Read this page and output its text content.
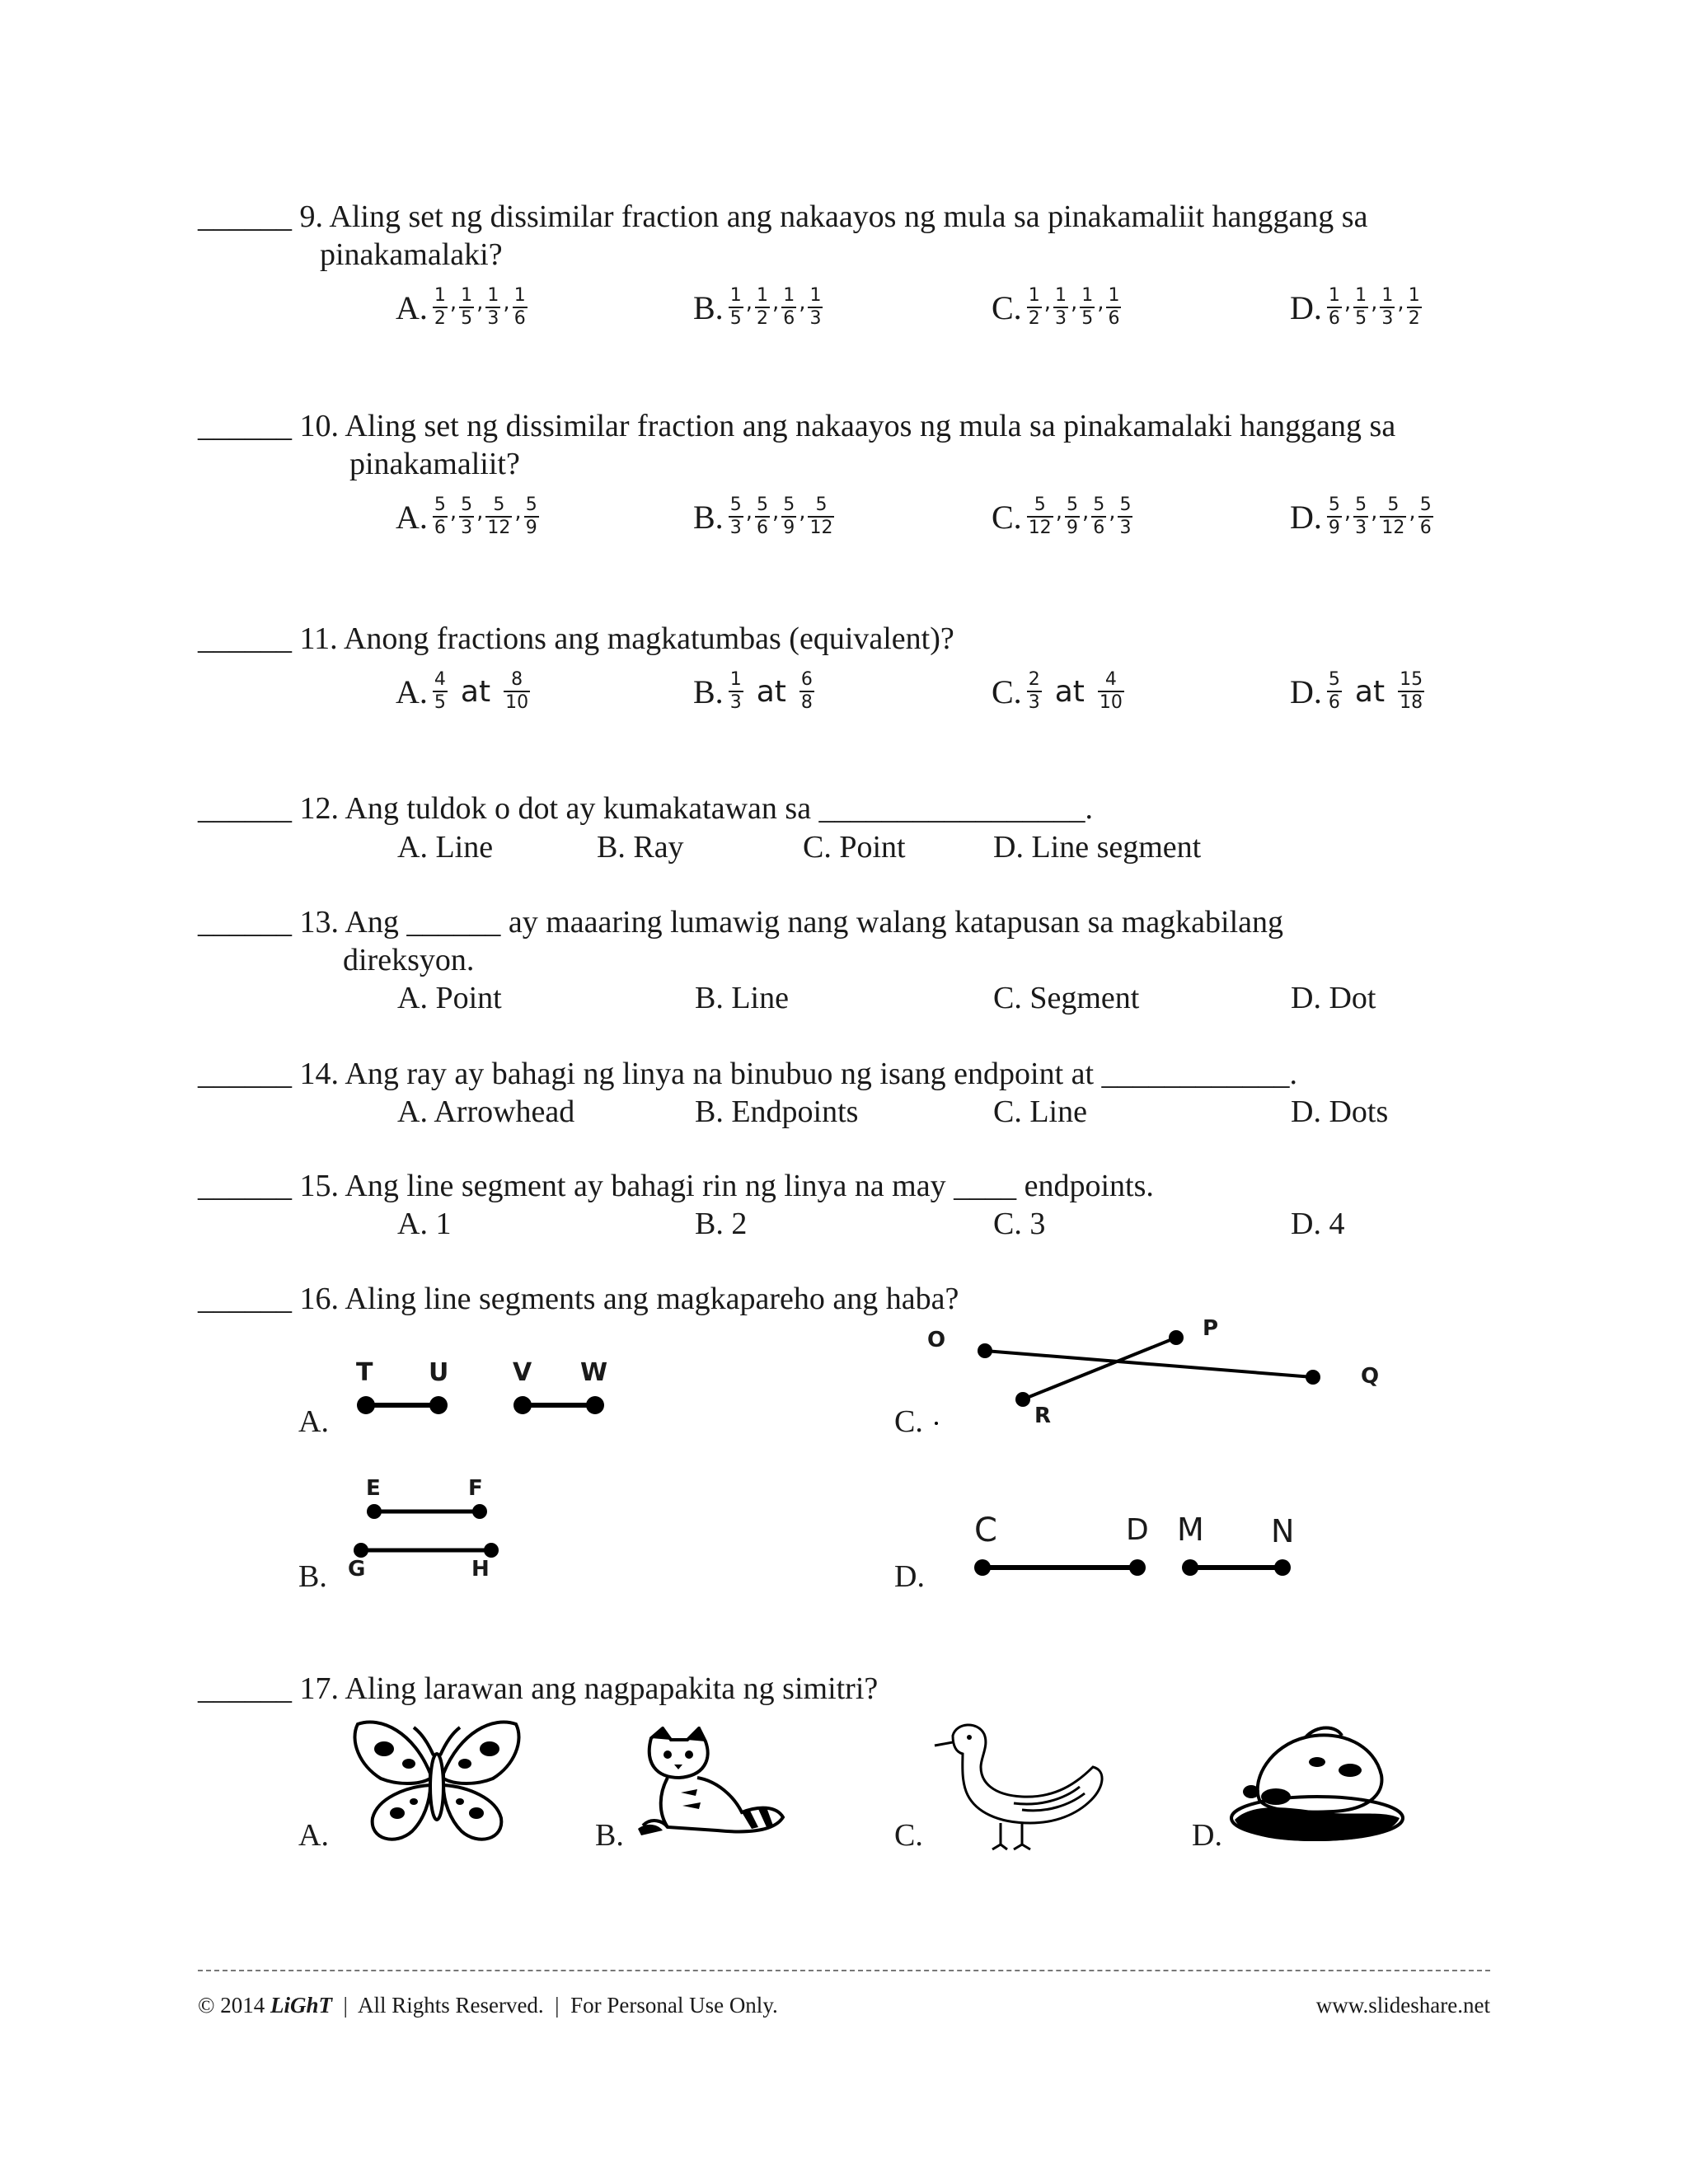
______ 9. Aling set ng dissimilar fraction ang nakaayos ng mula sa pinakamaliit hanggang sa
pinakamalaki?
A. $\frac{1}{2}$ , $\frac{1}{5}$ , $\frac{1}{3}$ , $\frac{1}{6}$	B. $\frac{1}{5}$ , $\frac{1}{2}$ , $\frac{1}{6}$ , $\frac{1}{3}$	C. $\frac{1}{2}$ , $\frac{1}{3}$ , $\frac{1}{5}$ , $\frac{1}{6}$	D. $\frac{1}{6}$ , $\frac{1}{5}$ , $\frac{1}{3}$ , $\frac{1}{2}$
______ 10. Aling set ng dissimilar fraction ang nakaayos ng mula sa pinakamalaki hanggang sa
pinakamaliit?
A. $\frac{5}{6}$ , $\frac{5}{3}$ , $\frac{5}{12}$ , $\frac{5}{9}$	B. $\frac{5}{3}$ , $\frac{5}{6}$ , $\frac{5}{9}$ , $\frac{5}{12}$	C. $\frac{5}{12}$ , $\frac{5}{9}$ , $\frac{5}{6}$ , $\frac{5}{3}$	D. $\frac{5}{9}$ , $\frac{5}{3}$ , $\frac{5}{12}$ , $\frac{5}{6}$
______ 11. Anong fractions ang magkatumbas (equivalent)?
A. $\frac{4}{5}$ at $\frac{8}{10}$	B. $\frac{1}{3}$ at $\frac{6}{8}$	C. $\frac{2}{3}$ at $\frac{4}{10}$	D. $\frac{5}{6}$ at $\frac{15}{18}$
______ 12. Ang tuldok o dot ay kumakatawan sa _________________.
A. Line	B. Ray	C. Point	D. Line segment
______ 13. Ang ______ ay maaaring lumawig nang walang katapusan sa magkabilang
direksyon.
A. Point	B. Line	C. Segment	D. Dot
______ 14. Ang ray ay bahagi ng linya na binubuo ng isang endpoint at ____________.
A. Arrowhead	B. Endpoints	C. Line	D. Dots
______ 15. Ang line segment ay bahagi rin ng linya na may ____ endpoints.
A. 1	B. 2	C. 3	D. 4
______ 16. Aling line segments ang magkapareho ang haba?
A.
B.
C.
D.
T U	V W
E	F
G	H
O	P
Q
R
C	D M N
______ 17. Aling larawan ang nagpapakita ng simitri?
A.	B.	C.	D.
© 2014 LiGhT |  All Rights Reserved.  |  For Personal Use Only.	www.slideshare.net
